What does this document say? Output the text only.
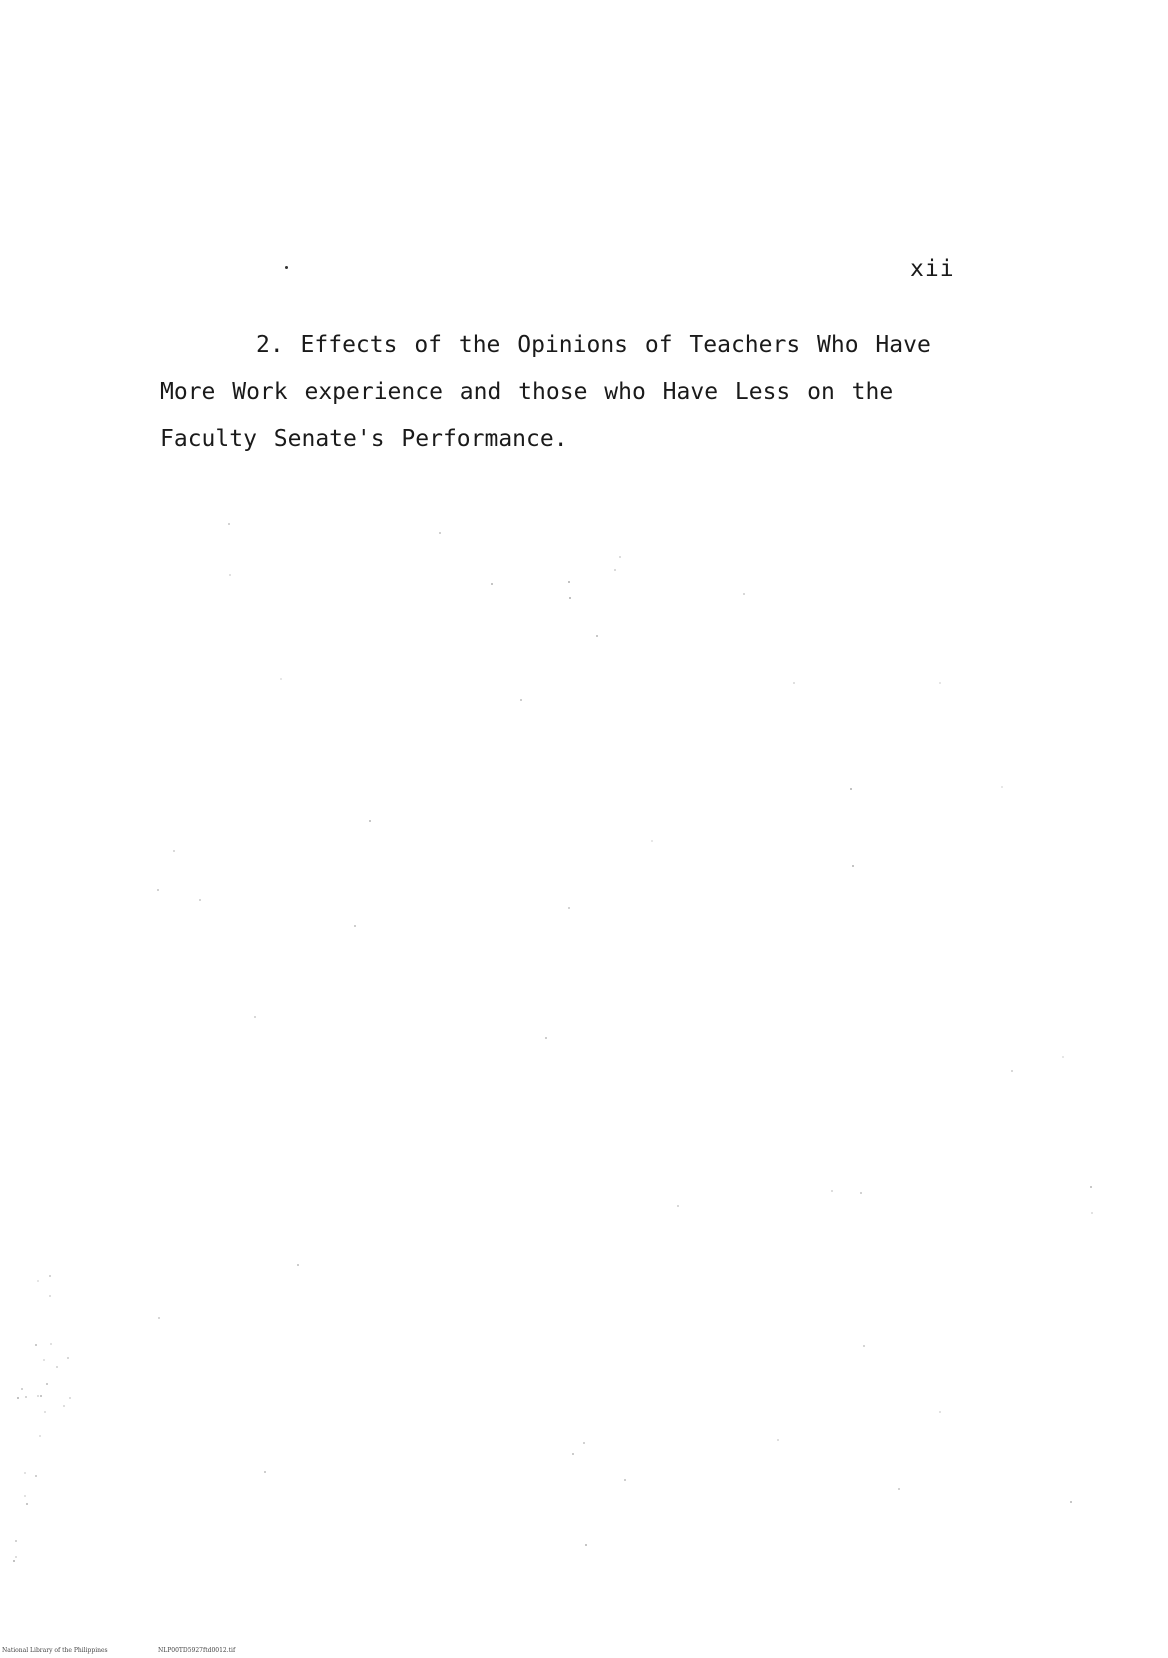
xii
2. Effects of the Opinions of Teachers Who Have
More Work experience and those who Have Less on the
Faculty Senate's Performance.
National Library of the Philippines	NLP00TD5927ftd0012.tif
